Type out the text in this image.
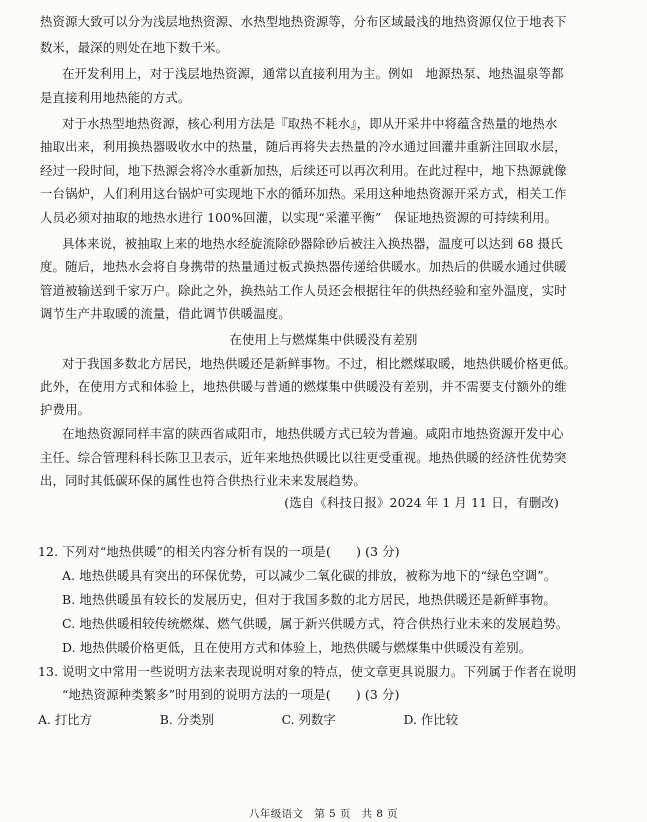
热资源大致可以分为浅层地热资源、水热型地热资源等，分布区域最浅的地热资源仅位于地表下
数米，最深的则处在地下数千米。
在开发利用上，对于浅层地热资源，通常以直接利用为主。例如　地源热泵、地热温泉等都
是直接利用地热能的方式。
对于水热型地热资源，核心利用方法是『取热不耗水』，即从开采井中将蕴含热量的地热水
抽取出来，利用换热器吸收水中的热量，随后再将失去热量的冷水通过回灌井重新注回取水层，
经过一段时间，地下热源会将冷水重新加热，后续还可以再次利用。在此过程中，地下热源就像
一台锅炉，人们利用这台锅炉可实现地下水的循环加热。采用这种地热资源开采方式，相关工作
人员必须对抽取的地热水进行 100%回灌，以实现“采灌平衡”　保证地热资源的可持续利用。
具体来说，被抽取上来的地热水经旋流除砂器除砂后被注入换热器，温度可以达到 68 摄氏
度。随后，地热水会将自身携带的热量通过板式换热器传递给供暖水。加热后的供暖水通过供暖
管道被输送到千家万户。除此之外，换热站工作人员还会根据往年的供热经验和室外温度，实时
调节生产井取暖的流量，借此调节供暖温度。
在使用上与燃煤集中供暖没有差别
对于我国多数北方居民，地热供暖还是新鲜事物。不过，相比燃煤取暖，地热供暖价格更低。
此外，在使用方式和体验上，地热供暖与普通的燃煤集中供暖没有差别，并不需要支付额外的维
护费用。
在地热资源同样丰富的陕西省咸阳市，地热供暖方式已较为普遍。咸阳市地热资源开发中心
主任、综合管理科科长陈卫卫表示，近年来地热供暖比以往更受重视。地热供暖的经济性优势突
出，同时其低碳环保的属性也符合供热行业未来发展趋势。
(选自《科技日报》2024 年 1 月 11 日，有删改)
12. 下列对“地热供暖”的相关内容分析有误的一项是(　　) (3 分)
A. 地热供暖具有突出的环保优势，可以减少二氧化碳的排放，被称为地下的“绿色空调”。
B. 地热供暖虽有较长的发展历史，但对于我国多数的北方居民，地热供暖还是新鲜事物。
C. 地热供暖相较传统燃煤、燃气供暖，属于新兴供暖方式，符合供热行业未来的发展趋势。
D. 地热供暖价格更低，且在使用方式和体验上，地热供暖与燃煤集中供暖没有差别。
13. 说明文中常用一些说明方法来表现说明对象的特点，使文章更具说服力。下列属于作者在说明
“地热资源种类繁多”时用到的说明方法的一项是(　　) (3 分)
A. 打比方	B. 分类别	C. 列数字	D. 作比较
八年级语文　第 5 页　共 8 页
